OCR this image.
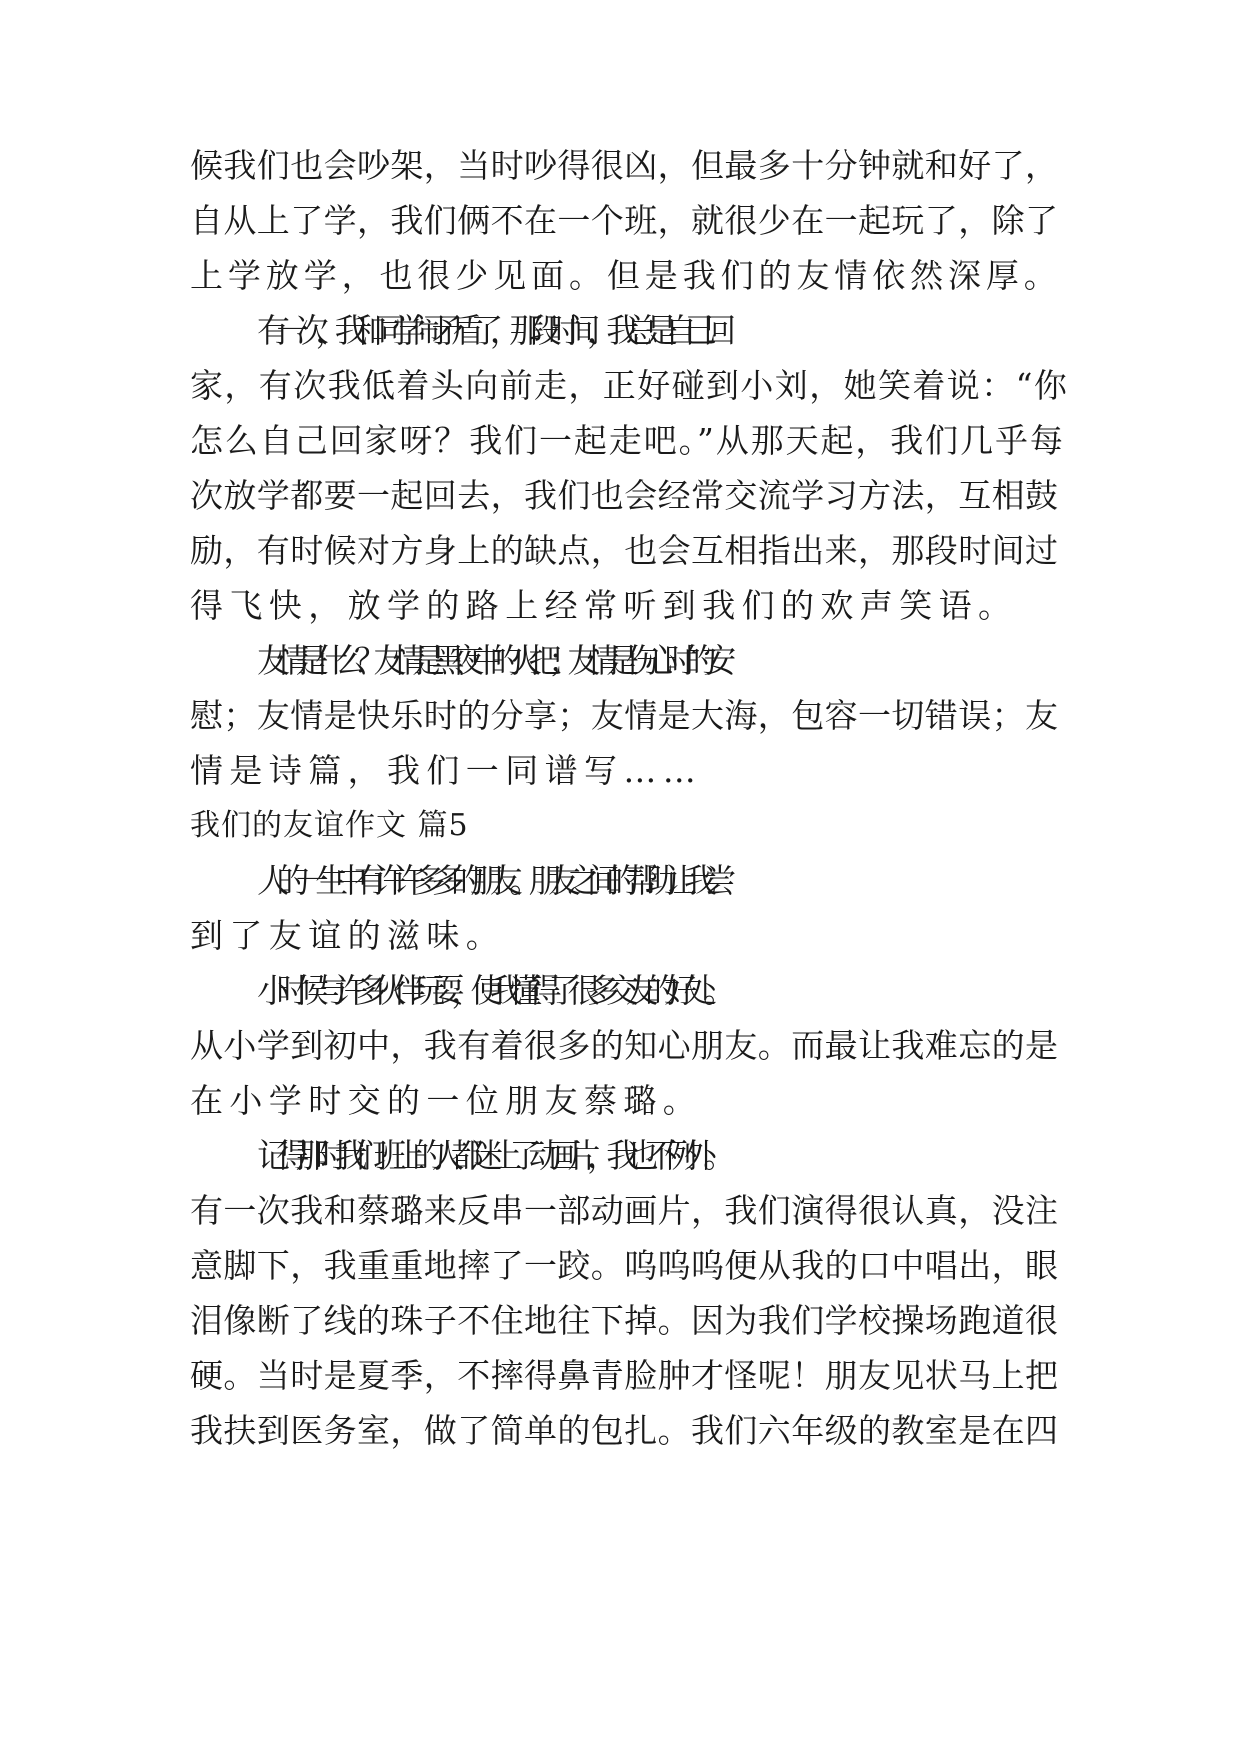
候我们也会吵架，当时吵得很凶，但最多十分钟就和好了，
自从上了学，我们俩不在一个班，就很少在一起玩了，除了
上学放学，也很少见面。但是我们的友情依然深厚。
有一次，我和同学闹矛盾了，那段时间，我总是自己回
家，有次我低着头向前走，正好碰到小刘，她笑着说：“你
怎么自己回家呀？我们一起走吧。”从那天起，我们几乎每
次放学都要一起回去，我们也会经常交流学习方法，互相鼓
励，有时候对方身上的缺点，也会互相指出来，那段时间过
得飞快，放学的路上经常听到我们的欢声笑语。
友情是什么？友情是黑夜中的火把；友情是伤心时的安
慰；友情是快乐时的分享；友情是大海，包容一切错误；友
情是诗篇，我们一同谱写……
我们的友谊作文 篇5
人的一生中有许许多多的朋友。朋友之间的帮助让我尝
到了友谊的滋味。
小时候与许多伙伴玩耍，使我懂得了很多交友的好处。
从小学到初中，我有着很多的知心朋友。而最让我难忘的是
在小学时交的一位朋友蔡璐。
记得那时我们班上的人都迷上了动画片，我也不例外。
有一次我和蔡璐来反串一部动画片，我们演得很认真，没注
意脚下，我重重地摔了一跤。呜呜呜便从我的口中唱出，眼
泪像断了线的珠子不住地往下掉。因为我们学校操场跑道很
硬。当时是夏季，不摔得鼻青脸肿才怪呢！朋友见状马上把
我扶到医务室，做了简单的包扎。我们六年级的教室是在四
